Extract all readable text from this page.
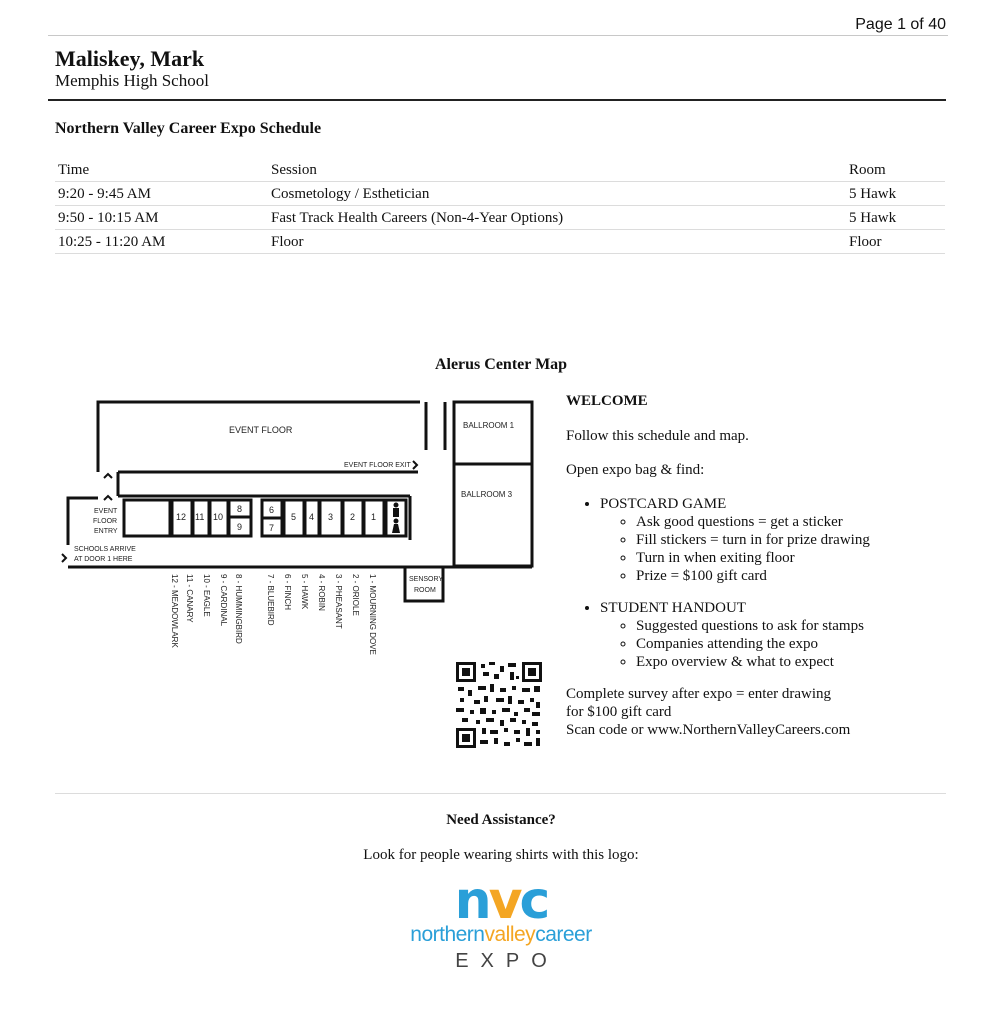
Page 1 of 40
Maliskey, Mark
Memphis High School
Northern Valley Career Expo Schedule
Time	Session	Room
9:20 - 9:45 AM	Cosmetology / Esthetician	5 Hawk
9:50 - 10:15 AM	Fast Track Health Careers (Non-4-Year Options)	5 Hawk
10:25 - 11:20 AM	Floor	Floor
Alerus Center Map
EVENT FLOOR	BALLROOM 1
BALLROOM 3
EVENT FLOOR EXIT
EVENT
FLOOR
ENTRY
SCHOOLS ARRIVE
AT DOOR 1 HERE
SENSORY
ROOM
12 11 10
8
9
6
7
5 4 3 2 1
1 - MOURNING DOVE
2 - ORIOLE
3 - PHEASANT
4 - ROBIN
5 - HAWK
6 - FINCH
7 - BLUEBIRD
8 - HUMMINGBIRD
9 - CARDINAL
10 - EAGLE
11 - CANARY
12 - MEADOWLARK
WELCOME

Follow this schedule and map.

Open expo bag & find:

• POSTCARD GAME
◦ Ask good questions = get a sticker
◦ Fill stickers = turn in for prize drawing
◦ Turn in when exiting floor
◦ Prize = $100 gift card
• STUDENT HANDOUT
◦ Suggested questions to ask for stamps
◦ Companies attending the expo
◦ Expo overview & what to expect
Complete survey after expo = enter drawing
for $100 gift card
Scan code or www.NorthernValleyCareers.com
Need Assistance?
Look for people wearing shirts with this logo:
nvc
northernvalleycareer
EXPO
